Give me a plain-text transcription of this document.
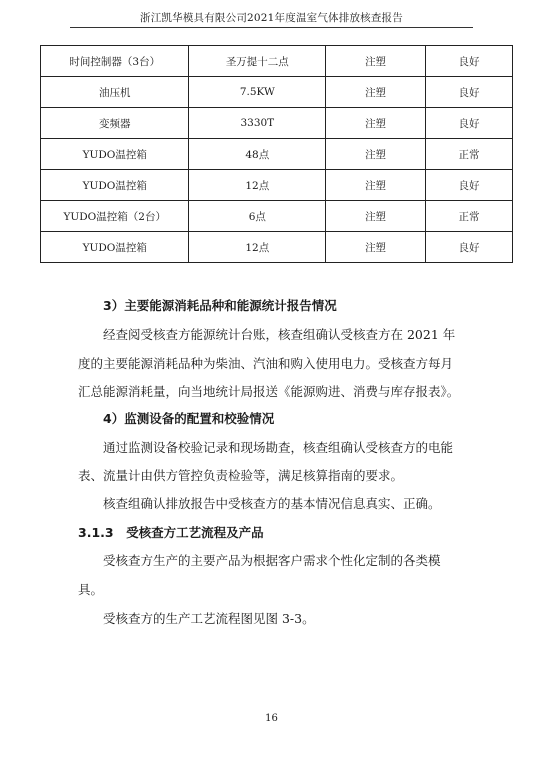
浙江凯华模具有限公司2021年度温室气体排放核查报告
时间控制器（3台）	圣万提十二点	注塑	良好
油压机	7.5KW	注塑	良好
变频器	3330T	注塑	良好
YUDO温控箱	48点	注塑	正常
YUDO温控箱	12点	注塑	良好
YUDO温控箱（2台）	6点	注塑	正常
YUDO温控箱	12点	注塑	良好
3）主要能源消耗品种和能源统计报告情况
经查阅受核查方能源统计台账，核查组确认受核查方在 2021 年
度的主要能源消耗品种为柴油、汽油和购入使用电力。受核查方每月
汇总能源消耗量，向当地统计局报送《能源购进、消费与库存报表》。
4）监测设备的配置和校验情况
通过监测设备校验记录和现场勘查，核查组确认受核查方的电能
表、流量计由供方管控负责检验等，满足核算指南的要求。
核查组确认排放报告中受核查方的基本情况信息真实、正确。
3.1.3　受核查方工艺流程及产品
受核查方生产的主要产品为根据客户需求个性化定制的各类模
具。
受核查方的生产工艺流程图见图 3-3。
16
